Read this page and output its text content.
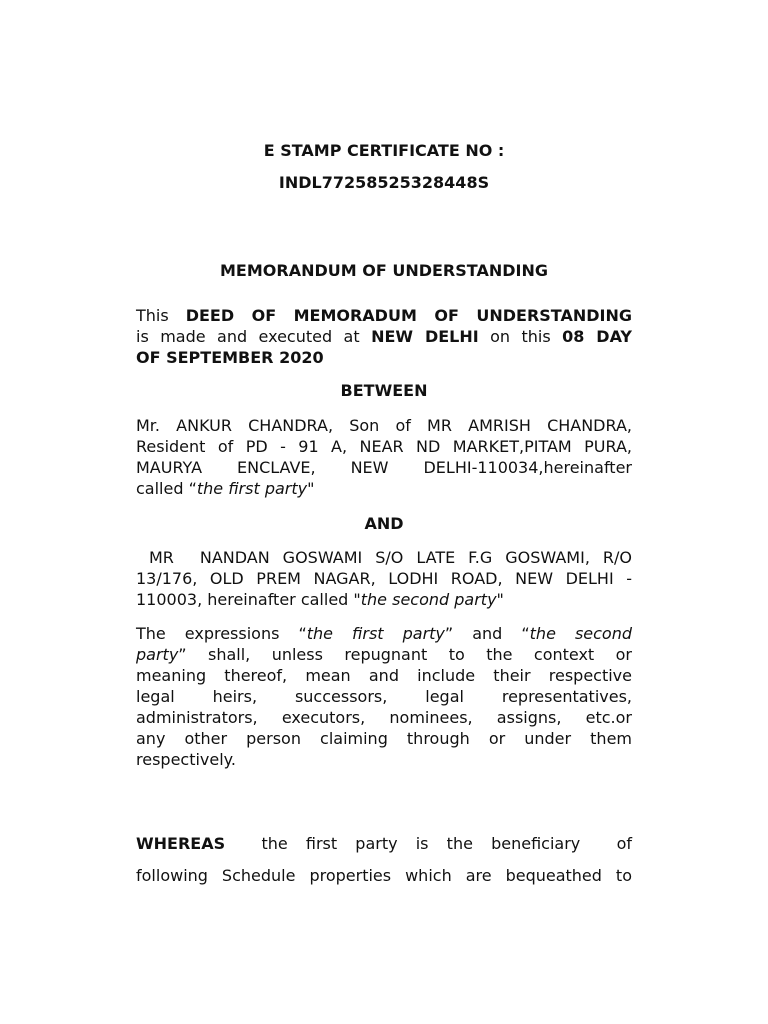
E STAMP CERTIFICATE NO :
INDL77258525328448S
MEMORANDUM OF UNDERSTANDING
This DEED OF MEMORADUM OF UNDERSTANDING
is made and executed at NEW DELHI on this 08 DAY
OF SEPTEMBER 2020
BETWEEN
Mr. ANKUR CHANDRA, Son of MR AMRISH CHANDRA,
Resident of PD - 91 A, NEAR ND MARKET,PITAM PURA,
MAURYA ENCLAVE, NEW DELHI-110034,hereinafter
called “the first party"
AND
MR  NANDAN GOSWAMI S/O LATE F.G GOSWAMI, R/O
13/176, OLD PREM NAGAR, LODHI ROAD, NEW DELHI -
110003, hereinafter called "the second party"
The expressions “the first party” and “the second
party” shall, unless repugnant to the context or
meaning thereof, mean and include their respective
legal heirs, successors, legal representatives,
administrators, executors, nominees, assigns, etc.or
any other person claiming through or under them
respectively.
WHEREAS  the first party is the beneficiary  of
following Schedule properties which are bequeathed to
